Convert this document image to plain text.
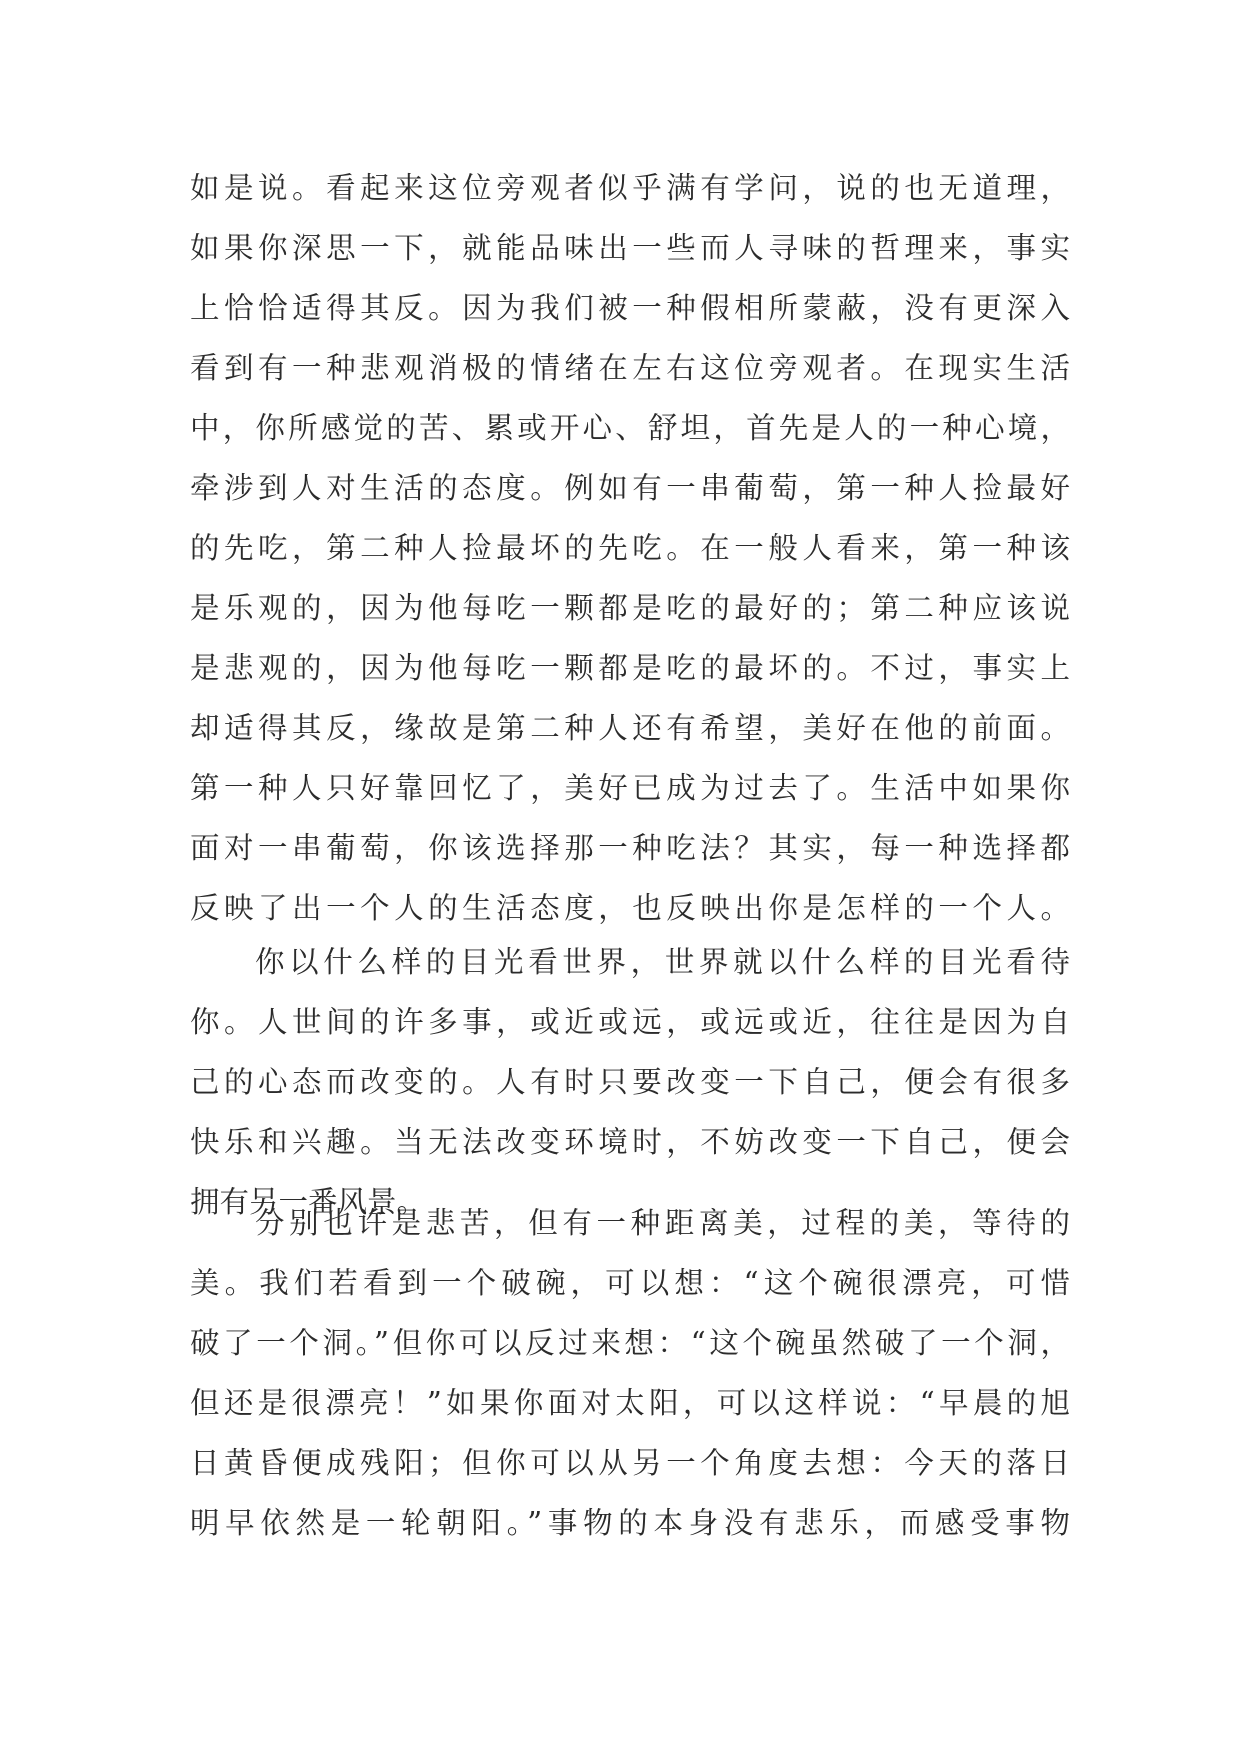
如是说。看起来这位旁观者似乎满有学问，说的也无道理，
如果你深思一下，就能品味出一些而人寻味的哲理来，事实
上恰恰适得其反。因为我们被一种假相所蒙蔽，没有更深入
看到有一种悲观消极的情绪在左右这位旁观者。在现实生活
中，你所感觉的苦、累或开心、舒坦，首先是人的一种心境，
牵涉到人对生活的态度。例如有一串葡萄，第一种人捡最好
的先吃，第二种人捡最坏的先吃。在一般人看来，第一种该
是乐观的，因为他每吃一颗都是吃的最好的；第二种应该说
是悲观的，因为他每吃一颗都是吃的最坏的。不过，事实上
却适得其反，缘故是第二种人还有希望，美好在他的前面。
第一种人只好靠回忆了，美好已成为过去了。生活中如果你
面对一串葡萄，你该选择那一种吃法？其实，每一种选择都
反映了出一个人的生活态度，也反映出你是怎样的一个人。
你以什么样的目光看世界，世界就以什么样的目光看待
你。人世间的许多事，或近或远，或远或近，往往是因为自
己的心态而改变的。人有时只要改变一下自己，便会有很多
快乐和兴趣。当无法改变环境时，不妨改变一下自己，便会
拥有另一番风景。
分别也许是悲苦，但有一种距离美，过程的美，等待的
美。我们若看到一个破碗，可以想：“这个碗很漂亮，可惜
破了一个洞。”但你可以反过来想：“这个碗虽然破了一个洞，
但还是很漂亮！”如果你面对太阳，可以这样说：“早晨的旭
日黄昏便成残阳；但你可以从另一个角度去想：今天的落日
明早依然是一轮朝阳。”事物的本身没有悲乐，而感受事物
